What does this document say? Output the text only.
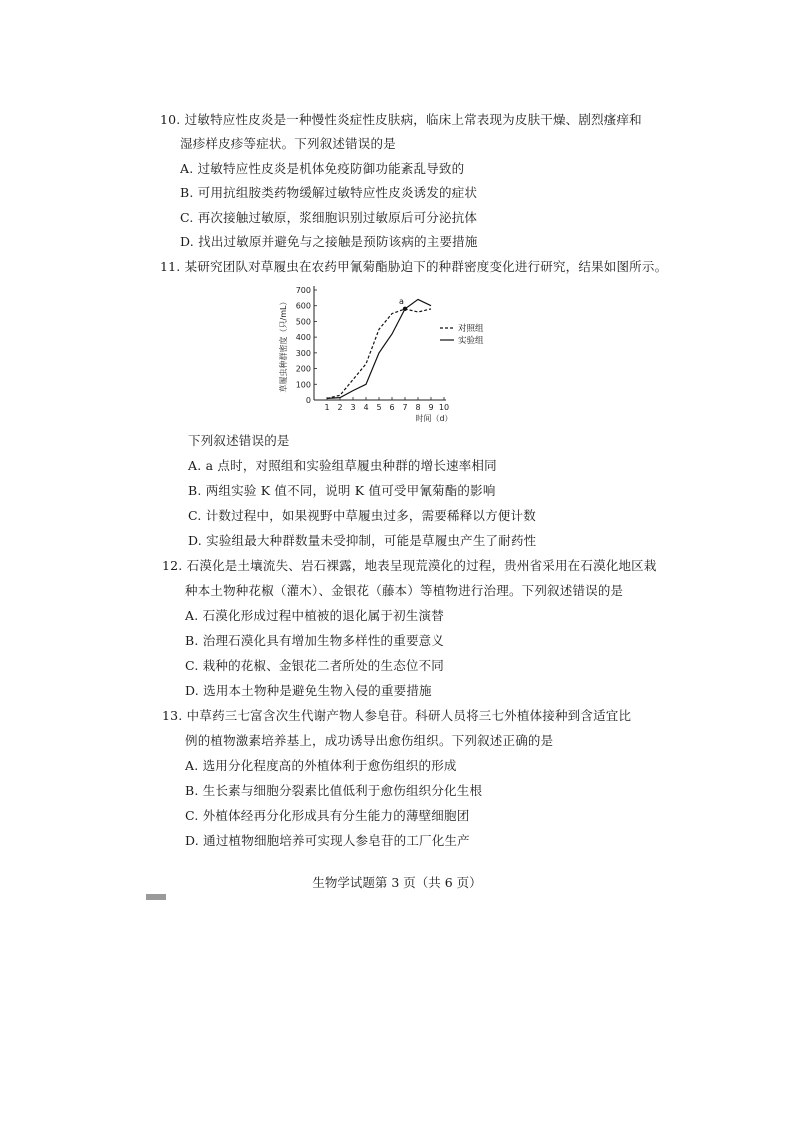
10. 过敏特应性皮炎是一种慢性炎症性皮肤病，临床上常表现为皮肤干燥、剧烈瘙痒和
湿疹样皮疹等症状。下列叙述错误的是
A. 过敏特应性皮炎是机体免疫防御功能紊乱导致的
B. 可用抗组胺类药物缓解过敏特应性皮炎诱发的症状
C. 再次接触过敏原，浆细胞识别过敏原后可分泌抗体
D. 找出过敏原并避免与之接触是预防该病的主要措施
11. 某研究团队对草履虫在农药甲氰菊酯胁迫下的种群密度变化进行研究，结果如图所示。
草履虫种群密度（只/mL）
时间（d）
0
100
200
300
400
500
600
700
1 2 3 4 5 6 7 8 9 10
a
对照组
实验组
下列叙述错误的是
A. a 点时，对照组和实验组草履虫种群的增长速率相同
B. 两组实验 K 值不同，说明 K 值可受甲氰菊酯的影响
C. 计数过程中，如果视野中草履虫过多，需要稀释以方便计数
D. 实验组最大种群数量未受抑制，可能是草履虫产生了耐药性
12. 石漠化是土壤流失、岩石裸露，地表呈现荒漠化的过程，贵州省采用在石漠化地区栽
种本土物种花椒（灌木）、金银花（藤本）等植物进行治理。下列叙述错误的是
A. 石漠化形成过程中植被的退化属于初生演替
B. 治理石漠化具有增加生物多样性的重要意义
C. 栽种的花椒、金银花二者所处的生态位不同
D. 选用本土物种是避免生物入侵的重要措施
13. 中草药三七富含次生代谢产物人参皂苷。科研人员将三七外植体接种到含适宜比
例的植物激素培养基上，成功诱导出愈伤组织。下列叙述正确的是
A. 选用分化程度高的外植体利于愈伤组织的形成
B. 生长素与细胞分裂素比值低利于愈伤组织分化生根
C. 外植体经再分化形成具有分生能力的薄壁细胞团
D. 通过植物细胞培养可实现人参皂苷的工厂化生产
生物学试题第 3 页（共 6 页）
